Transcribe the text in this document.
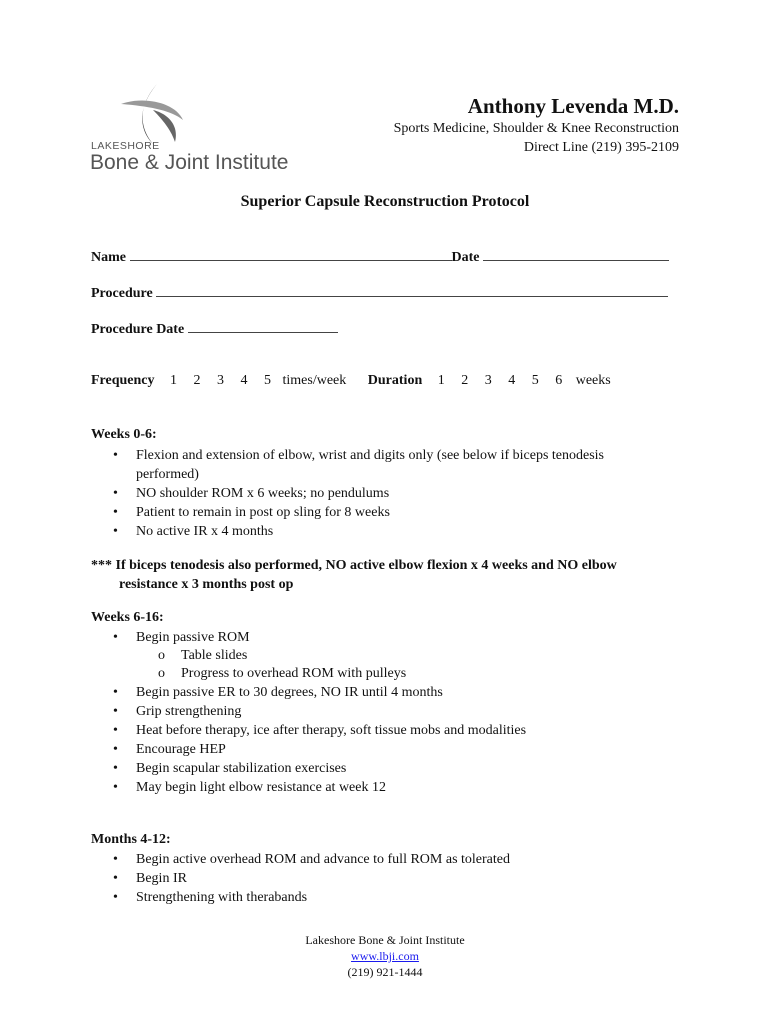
LAKESHORE
Bone & Joint Institute
Anthony Levenda M.D.
Sports Medicine, Shoulder & Knee Reconstruction
Direct Line (219) 395-2109
Superior Capsule Reconstruction Protocol
Name	Date
Procedure
Procedure Date
Frequency 1 2 3 4 5 times/week Duration 1 2 3 4 5 6 weeks
Weeks 0-6:
• Flexion and extension of elbow, wrist and digits only (see below if biceps tenodesis
performed)
• NO shoulder ROM x 6 weeks; no pendulums
• Patient to remain in post op sling for 8 weeks
• No active IR x 4 months
*** If biceps tenodesis also performed, NO active elbow flexion x 4 weeks and NO elbow
resistance x 3 months post op
Weeks 6-16:
• Begin passive ROM
o Table slides
o Progress to overhead ROM with pulleys
• Begin passive ER to 30 degrees, NO IR until 4 months
• Grip strengthening
• Heat before therapy, ice after therapy, soft tissue mobs and modalities
• Encourage HEP
• Begin scapular stabilization exercises
• May begin light elbow resistance at week 12
Months 4-12:
• Begin active overhead ROM and advance to full ROM as tolerated
• Begin IR
• Strengthening with therabands
Lakeshore Bone & Joint Institute
www.lbji.com
(219) 921-1444
